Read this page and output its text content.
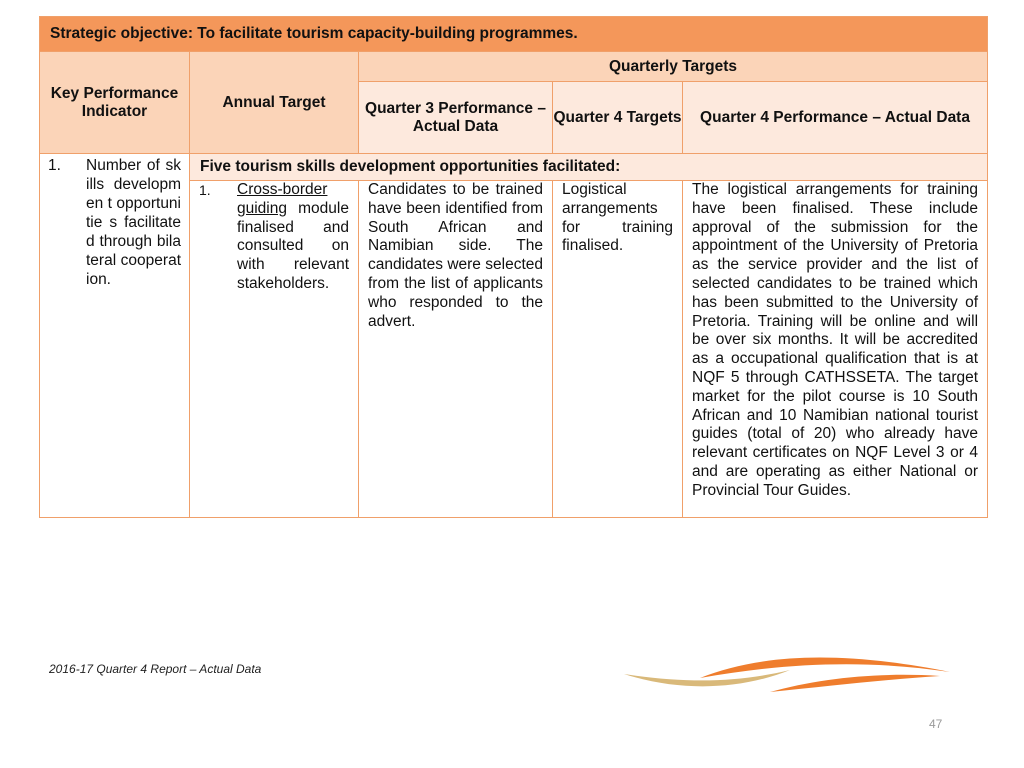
Strategic objective: To facilitate tourism capacity-building programmes.				
Key Performance Indicator	Annual Target	Quarterly Targets		
		Quarter 3 Performance – Actual Data	Quarter 4 Targets	Quarter 4 Performance – Actual Data

1. Number of skills developmen t opportunitie s facilitated through bilateral cooperation.	Five tourism skills development opportunities facilitated:			

	1. Cross-border guiding module finalised and consulted on with relevant stakeholders.	Candidates to be trained have been identified from South African and Namibian side. The candidates were selected from the list of applicants who responded to the advert.	Logistical arrangements for training finalised.	The logistical arrangements for training have been finalised. These include approval of the submission for the appointment of the University of Pretoria as the service provider and the list of selected candidates to be trained which has been submitted to the University of Pretoria. Training will be online and will be over six months. It will be accredited as a occupational qualification that is at NQF 5 through CATHSSETA. The target market for the pilot course is 10 South African and 10 Namibian national tourist guides (total of 20) who already have relevant certificates on NQF Level 3 or 4 and are operating as either National or Provincial Tour Guides.
2016-17 Quarter 4 Report – Actual Data
47
